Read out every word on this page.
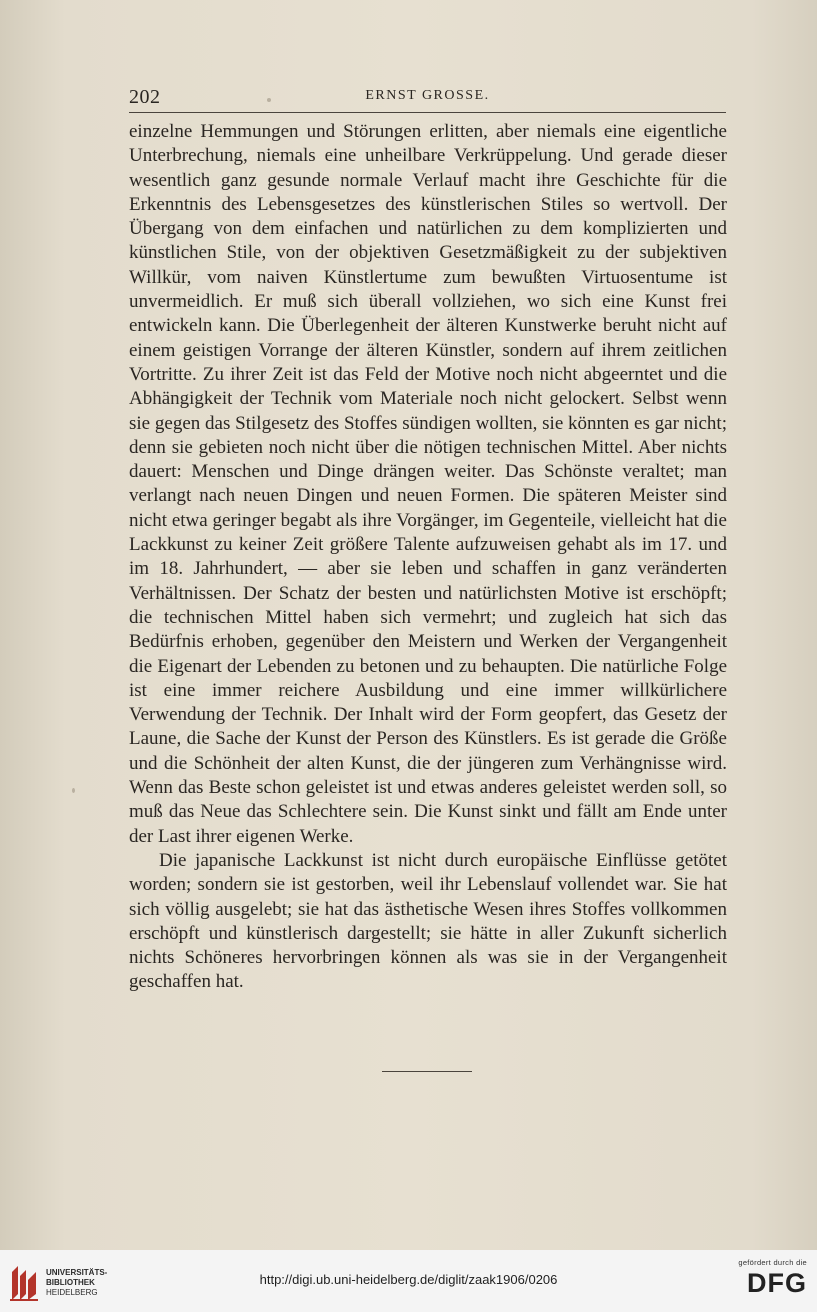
202	ERNST GROSSE.

einzelne Hemmungen und Störungen erlitten, aber niemals eine eigentliche Unterbrechung, niemals eine unheilbare Verkrüppelung. Und gerade dieser wesentlich ganz gesunde normale Verlauf macht ihre Geschichte für die Erkenntnis des Lebensgesetzes des künstlerischen Stiles so wertvoll. Der Übergang von dem einfachen und natürlichen zu dem komplizierten und künstlichen Stile, von der objektiven Gesetzmäßigkeit zu der subjektiven Willkür, vom naiven Künstlertume zum bewußten Virtuosentume ist unvermeidlich. Er muß sich überall vollziehen, wo sich eine Kunst frei entwickeln kann. Die Überlegenheit der älteren Kunstwerke beruht nicht auf einem geistigen Vorrange der älteren Künstler, sondern auf ihrem zeitlichen Vortritte. Zu ihrer Zeit ist das Feld der Motive noch nicht abgeerntet und die Abhängigkeit der Technik vom Materiale noch nicht gelockert. Selbst wenn sie gegen das Stilgesetz des Stoffes sündigen wollten, sie könnten es gar nicht; denn sie gebieten noch nicht über die nötigen technischen Mittel. Aber nichts dauert: Menschen und Dinge drängen weiter. Das Schönste veraltet; man verlangt nach neuen Dingen und neuen Formen. Die späteren Meister sind nicht etwa geringer begabt als ihre Vorgänger, im Gegenteile, vielleicht hat die Lackkunst zu keiner Zeit größere Talente aufzuweisen gehabt als im 17. und im 18. Jahrhundert, — aber sie leben und schaffen in ganz veränderten Verhältnissen. Der Schatz der besten und natürlichsten Motive ist erschöpft; die technischen Mittel haben sich vermehrt; und zugleich hat sich das Bedürfnis erhoben, gegenüber den Meistern und Werken der Vergangenheit die Eigenart der Lebenden zu betonen und zu behaupten. Die natürliche Folge ist eine immer reichere Ausbildung und eine immer willkürlichere Verwendung der Technik. Der Inhalt wird der Form geopfert, das Gesetz der Laune, die Sache der Kunst der Person des Künstlers. Es ist gerade die Größe und die Schönheit der alten Kunst, die der jüngeren zum Verhängnisse wird. Wenn das Beste schon geleistet ist und etwas anderes geleistet werden soll, so muß das Neue das Schlechtere sein. Die Kunst sinkt und fällt am Ende unter der Last ihrer eigenen Werke.

Die japanische Lackkunst ist nicht durch europäische Einflüsse getötet worden; sondern sie ist gestorben, weil ihr Lebenslauf vollendet war. Sie hat sich völlig ausgelebt; sie hat das ästhetische Wesen ihres Stoffes vollkommen erschöpft und künstlerisch dargestellt; sie hätte in aller Zukunft sicherlich nichts Schöneres hervorbringen können als was sie in der Vergangenheit geschaffen hat.

UNIVERSITÄTS-
BIBLIOTHEK
HEIDELBERG
http://digi.ub.uni-heidelberg.de/diglit/zaak1906/0206
gefördert durch die
DFG
